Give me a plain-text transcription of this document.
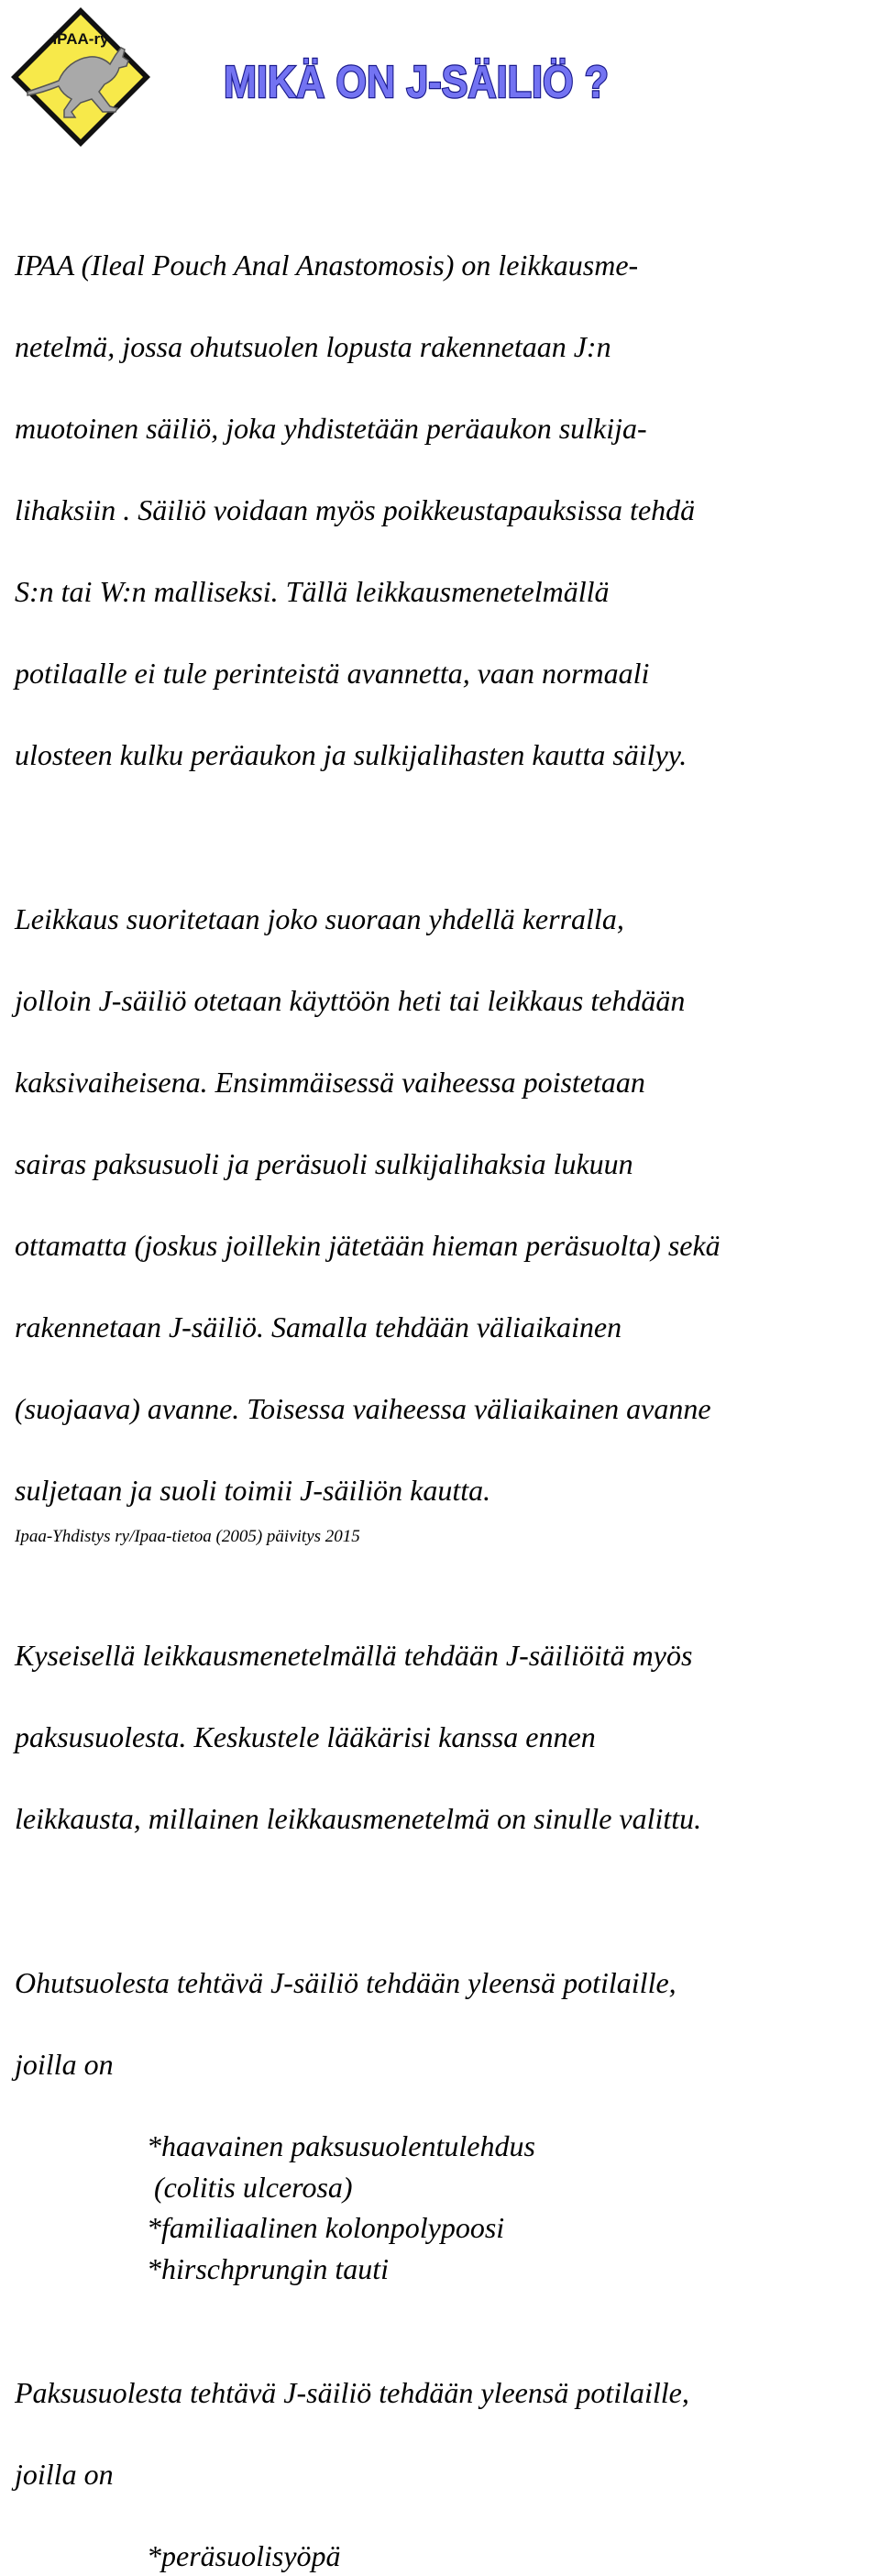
IPAA-ry
MIKÄ ON J-SÄILIÖ ?

IPAA (Ileal Pouch Anal Anastomosis) on leikkausme-

netelmä, jossa ohutsuolen lopusta rakennetaan J:n

muotoinen säiliö, joka yhdistetään peräaukon sulkija-

lihaksiin . Säiliö voidaan myös poikkeustapauksissa tehdä

S:n tai W:n malliseksi. Tällä leikkausmenetelmällä

potilaalle ei tule perinteistä avannetta, vaan normaali

ulosteen kulku peräaukon ja sulkijalihasten kautta säilyy.

Leikkaus suoritetaan joko suoraan yhdellä kerralla,

jolloin J-säiliö otetaan käyttöön heti tai leikkaus tehdään

kaksivaiheisena. Ensimmäisessä vaiheessa poistetaan

sairas paksusuoli ja peräsuoli sulkijalihaksia lukuun

ottamatta (joskus joillekin jätetään hieman peräsuolta) sekä

rakennetaan J-säiliö. Samalla tehdään väliaikainen

(suojaava) avanne. Toisessa vaiheessa väliaikainen avanne

suljetaan ja suoli toimii J-säiliön kautta.

Kyseisellä leikkausmenetelmällä tehdään J-säiliöitä myös

paksusuolesta. Keskustele lääkärisi kanssa ennen

leikkausta, millainen leikkausmenetelmä on sinulle valittu.

Ohutsuolesta tehtävä J-säiliö tehdään yleensä potilaille,

joilla on

*haavainen paksusuolentulehdus
(colitis ulcerosa)
*familiaalinen kolonpolypoosi
*hirschprungin tauti

Paksusuolesta tehtävä J-säiliö tehdään yleensä potilaille,

joilla on

*peräsuolisyöpä
Ipaa-Yhdistys ry/Ipaa-tietoa (2005) päivitys 2015
